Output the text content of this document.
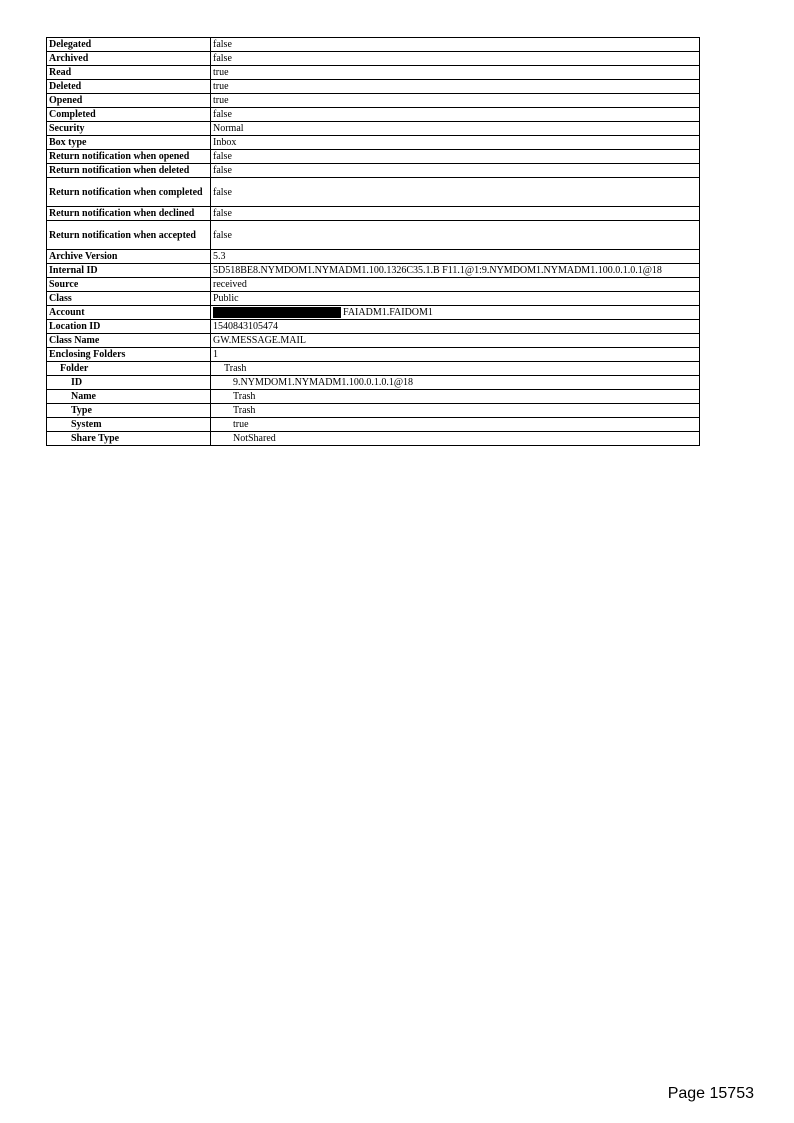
Delegated	false
Archived	false
Read	true
Deleted	true
Opened	true
Completed	false
Security	Normal
Box type	Inbox
Return notification when opened	false
Return notification when deleted	false
Return notification when completed	false
Return notification when declined	false
Return notification when accepted	false
Archive Version	5.3
Internal ID	5D518BE8.NYMDOM1.NYMADM1.100.1326C35.1.B F11.1@1:9.NYMDOM1.NYMADM1.100.0.1.0.1@18
Source	received
Class	Public
Account	FAIADM1.FAIDOM1
Location ID	1540843105474
Class Name	GW.MESSAGE.MAIL
Enclosing Folders	1
Folder	Trash
ID	9.NYMDOM1.NYMADM1.100.0.1.0.1@18
Name	Trash
Type	Trash
System	true
Share Type	NotShared
Page 15753
